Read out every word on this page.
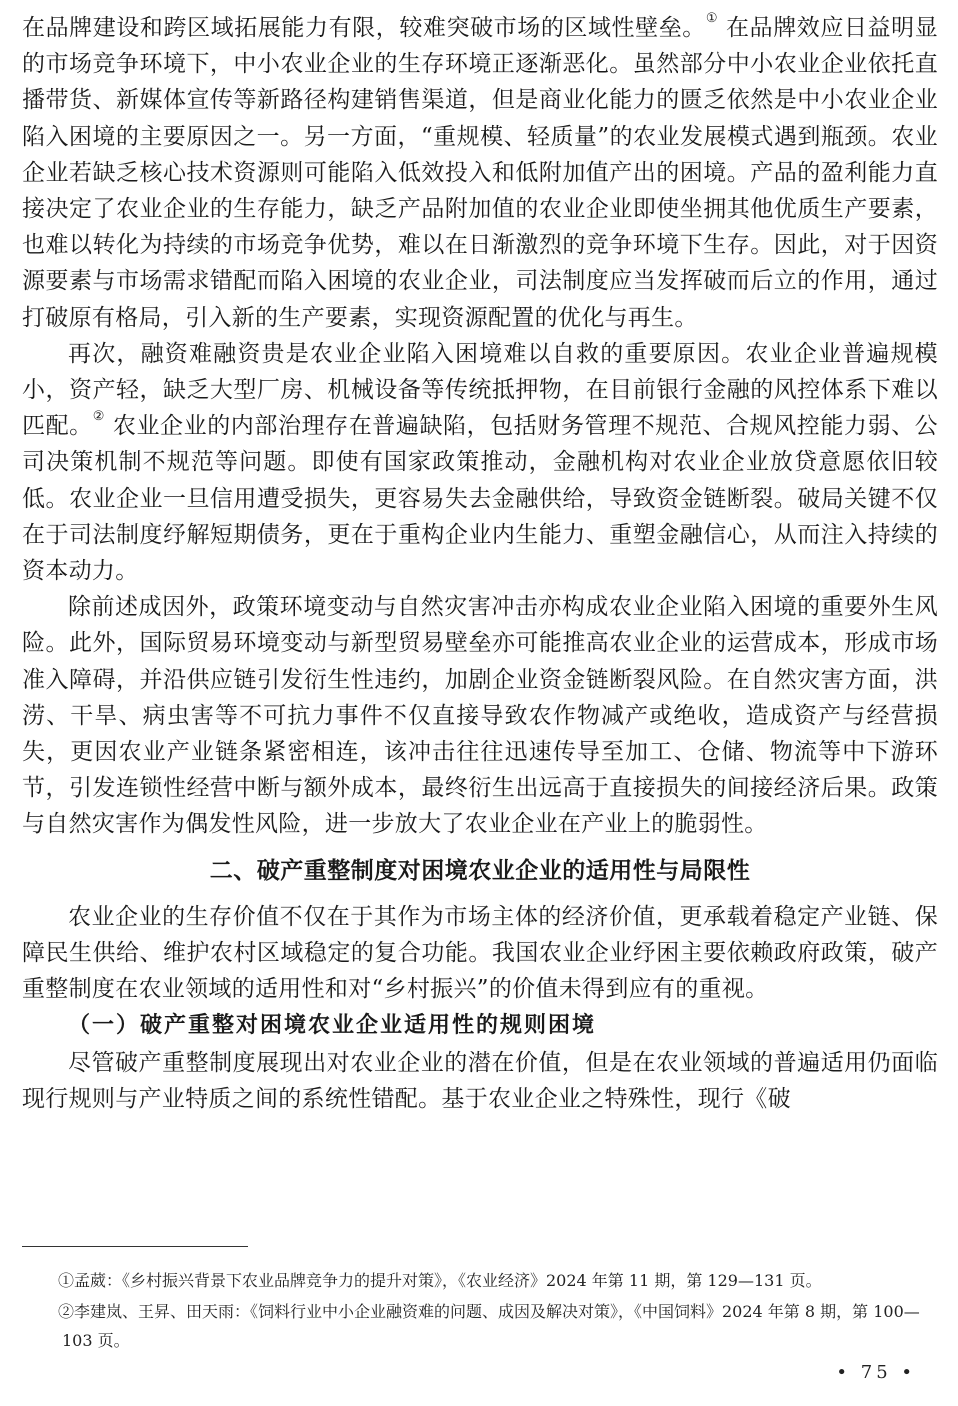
在品牌建设和跨区域拓展能力有限，较难突破市场的区域性壁垒。① 在品牌效应日益明显的市场竞争环境下，中小农业企业的生存环境正逐渐恶化。虽然部分中小农业企业依托直播带货、新媒体宣传等新路径构建销售渠道，但是商业化能力的匮乏依然是中小农业企业陷入困境的主要原因之一。另一方面，“重规模、轻质量”的农业发展模式遇到瓶颈。农业企业若缺乏核心技术资源则可能陷入低效投入和低附加值产出的困境。产品的盈利能力直接决定了农业企业的生存能力，缺乏产品附加值的农业企业即使坐拥其他优质生产要素，也难以转化为持续的市场竞争优势，难以在日渐激烈的竞争环境下生存。因此，对于因资源要素与市场需求错配而陷入困境的农业企业，司法制度应当发挥破而后立的作用，通过打破原有格局，引入新的生产要素，实现资源配置的优化与再生。

再次，融资难融资贵是农业企业陷入困境难以自救的重要原因。农业企业普遍规模小，资产轻，缺乏大型厂房、机械设备等传统抵押物，在目前银行金融的风控体系下难以匹配。② 农业企业的内部治理存在普遍缺陷，包括财务管理不规范、合规风控能力弱、公司决策机制不规范等问题。即使有国家政策推动，金融机构对农业企业放贷意愿依旧较低。农业企业一旦信用遭受损失，更容易失去金融供给，导致资金链断裂。破局关键不仅在于司法制度纾解短期债务，更在于重构企业内生能力、重塑金融信心，从而注入持续的资本动力。

除前述成因外，政策环境变动与自然灾害冲击亦构成农业企业陷入困境的重要外生风险。此外，国际贸易环境变动与新型贸易壁垒亦可能推高农业企业的运营成本，形成市场准入障碍，并沿供应链引发衍生性违约，加剧企业资金链断裂风险。在自然灾害方面，洪涝、干旱、病虫害等不可抗力事件不仅直接导致农作物减产或绝收，造成资产与经营损失，更因农业产业链条紧密相连，该冲击往往迅速传导至加工、仓储、物流等中下游环节，引发连锁性经营中断与额外成本，最终衍生出远高于直接损失的间接经济后果。政策与自然灾害作为偶发性风险，进一步放大了农业企业在产业上的脆弱性。

二、破产重整制度对困境农业企业的适用性与局限性

农业企业的生存价值不仅在于其作为市场主体的经济价值，更承载着稳定产业链、保障民生供给、维护农村区域稳定的复合功能。我国农业企业纾困主要依赖政府政策，破产重整制度在农业领域的适用性和对“乡村振兴”的价值未得到应有的重视。

（一）破产重整对困境农业企业适用性的规则困境

尽管破产重整制度展现出对农业企业的潜在价值，但是在农业领域的普遍适用仍面临现行规则与产业特质之间的系统性错配。基于农业企业之特殊性，现行《破

①孟葳：《乡村振兴背景下农业品牌竞争力的提升对策》，《农业经济》2024 年第 11 期，第 129—131 页。

②李建岚、王昇、田天雨：《饲料行业中小企业融资难的问题、成因及解决对策》，《中国饲料》2024 年第 8 期，第 100—103 页。

• 75 •
